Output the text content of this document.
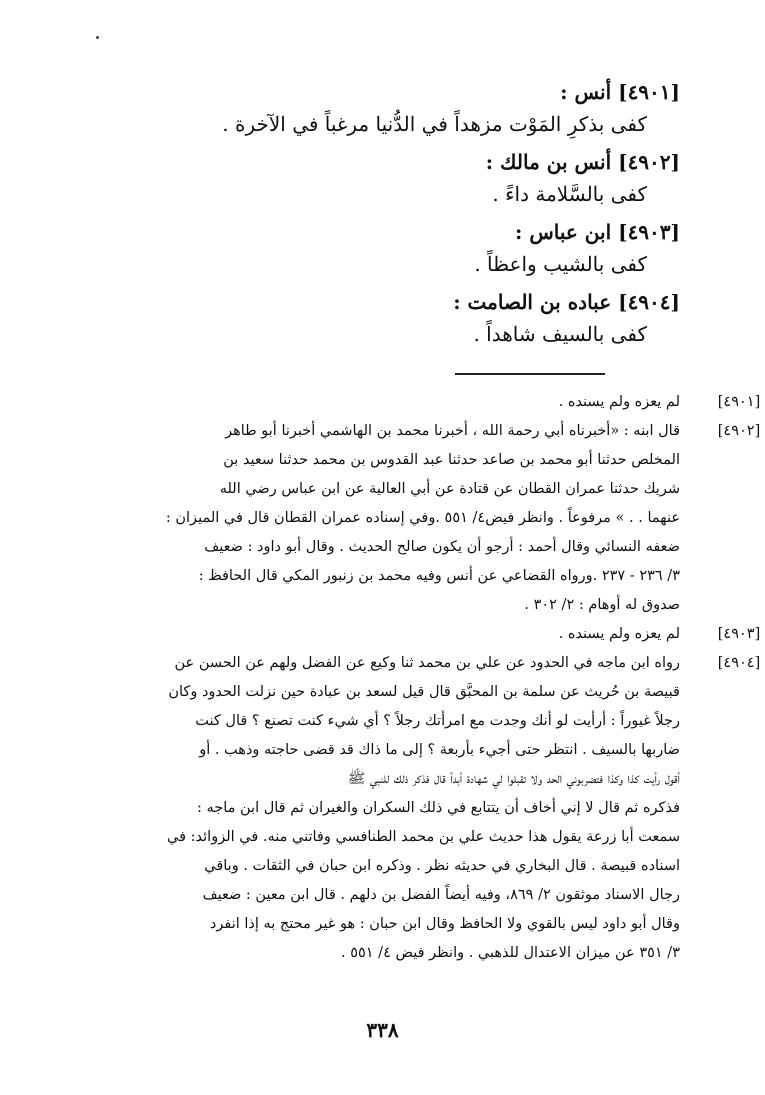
[٤٩٠١] أنس :
كفى بذكرِ المَوْت مزهداً في الدُّنيا مرغباً في الآخرة .
[٤٩٠٢] أنس بن مالك :
كفى بالسَّلامة داءً .
[٤٩٠٣] ابن عباس :
كفى بالشيب واعظاً .
[٤٩٠٤] عباده بن الصامت :
كفى بالسيف شاهداً .
[٤٩٠١]
لم يعزه ولم يسنده .
[٤٩٠٢]
قال ابنه : «أخبرناه أبي رحمة الله ، أخبرنا محمد بن الهاشمي أخبرنا أبو طاهر
المخلص حدثنا أبو محمد بن صاعد حدثنا عبد القدوس بن محمد حدثنا سعيد بن
شريك حدثنا عمران القطان عن قتادة عن أبي العالية عن ابن عباس رضي الله
عنهما . . » مرفوعاً . وانظر فيض٤/ ٥٥١ .وفي إسناده عمران القطان قال في الميزان :
ضعفه النسائي وقال أحمد : أرجو أن يكون صالح الحديث . وقال أبو داود : ضعيف
٣/ ٢٣٦ - ٢٣٧ .ورواه القضاعي عن أنس وفيه محمد بن زنبور المكي قال الحافظ :
صدوق له أوهام : ٢/ ٣٠٢ .
[٤٩٠٣]
لم يعزه ولم يسنده .
[٤٩٠٤]
رواه ابن ماجه في الحدود عن علي بن محمد ثنا وكيع عن الفضل ولهم عن الحسن عن
قبيصة بن حُريث عن سلمة بن المحبَّق قال قيل لسعد بن عبادة حين نزلت الحدود وكان
رجلاً غيوراً : أرأيت لو أنك وجدت مع امرأتك رجلاً ؟ أي شيء كنت تصنع ؟ قال كنت
ضاربها بالسيف . انتظر حتى أجيء بأربعة ؟ إلى ما ذاك قد قضى حاجته وذهب . أو
أقول رأيت كذا وكذا فتضربوني الحد ولا تقبلوا لي شهادة أبداً قال فذكر ذلك للنبي ﷺ
فذكره ثم قال لا إني أخاف أن يتتابع في ذلك السكران والغيران ثم قال ابن ماجه :
سمعت أبا زرعة يقول هذا حديث علي بن محمد الطنافسي وفاتني منه. في الزوائد: في
اسناده قبيصة . قال البخاري في حديثه نظر . وذكره ابن حبان في الثقات . وباقي
رجال الاسناد موثقون ٢/ ٨٦٩، وفيه أيضاً الفضل بن دلهم . قال ابن معين : ضعيف
وقال أبو داود ليس بالقوي ولا الحافظ وقال ابن حبان : هو غير محتج به إذا انفرد
٣/ ٣٥١ عن ميزان الاعتدال للذهبي . وانظر فيض ٤/ ٥٥١ .
٣٣٨
